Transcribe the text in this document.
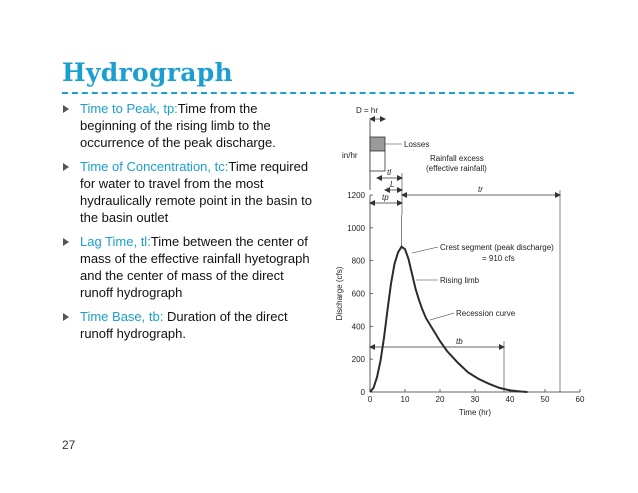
Hydrograph
Time to Peak, tp:Time from the beginning of the rising limb to the occurrence of the peak discharge.
Time of Concentration, tc:Time required for water to travel from the most hydraulically remote point in the basin to the basin outlet
Lag Time, tl:Time between the center of mass of the effective rainfall hyetograph and the center of mass of the direct runoff hydrograph
Time Base, tb: Duration of the direct runoff hydrograph.
D = hr
in/hr
Losses
Rainfall excess
(effective rainfall)
tl
L
tp
tr
tb
0	10	20	30	40	50	60
0
200
400
600
800
1000
1200
Time (hr)
Discharge (cfs)
Crest segment (peak discharge)
= 910 cfs
Rising limb
Recession curve
27
